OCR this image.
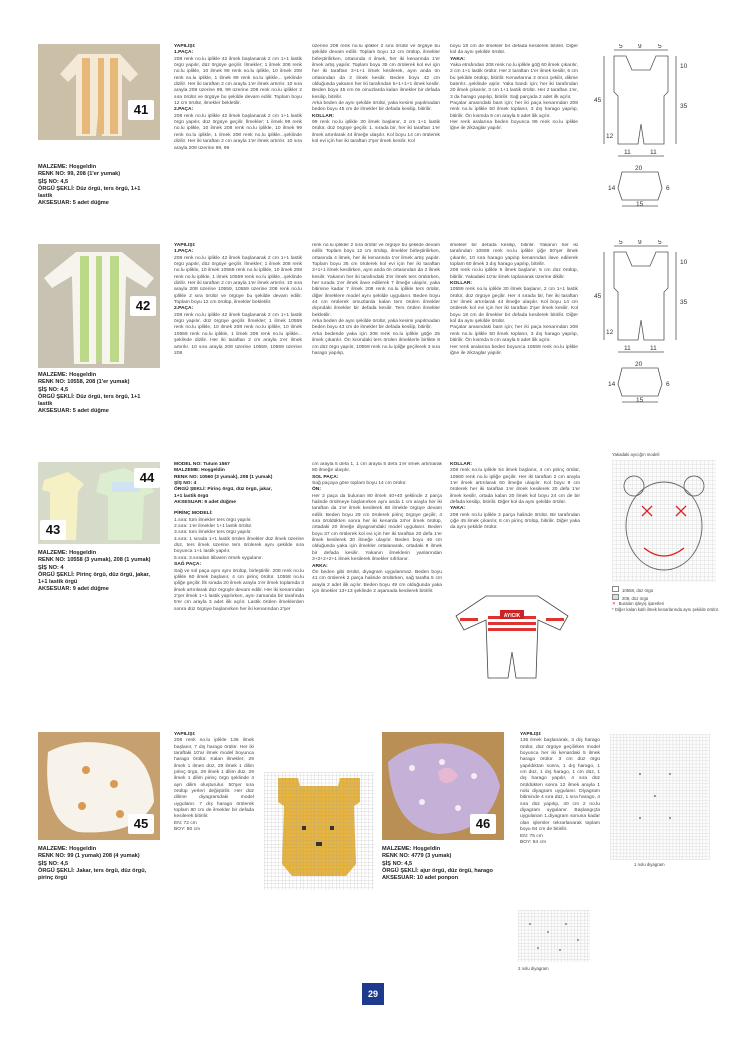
41
MALZEME: Hoşgeldin
RENK NO: 99, 208 (1'er yumak)
ŞİŞ NO: 4,5
ÖRGÜ ŞEKLİ: Düz örgü, ters örgü, 1+1
lastik
AKSESUAR: 5 adet düğme
YAPILIŞI:
1.PAÇA:
208 renk no.lu iplikle 42 ilmek başlanarak 2 cm 1+1 lastik örgü yapılır, düz örgüye geçilir. İlmekler; 1 ilmek 208 renk no.lu iplikle, 10 ilmek 99 renk no.lu iplikle, 10 ilmek 208 renk no.lu iplikle, 1 ilmek 99 renk no.lu iplikle... şeklinde dizilir. Her iki taraftan 2 cm arayla 1'er ilmek artırılır. 10 sıra arayla 208 üzerine 99, 99 üzerine 208 renk no.lu iplikler 2 sıra örülür ve örgüye bu şekilde devam edilir. Toplam boyu 12 cm örülür, ilmekler bekletilir.
2.PAÇA:
208 renk no.lu iplikle 42 ilmek başlanarak 2 cm 1+1 lastik örgü yapılır, düz örgüye geçilir. İlmekler; 1 ilmek 99 renk no.lu iplikle, 10 ilmek 208 renk no.lu iplikle, 10 ilmek 99 renk no.lu iplikle, 1 ilmek 208 renk no.lu iplikle...şeklinde dizilir. Her iki taraftan 2 cm arayla 1'er ilmek artırılır. 10 sıra arayla 208 üzerine 99, 99
üzerine 208 renk no.lu iplikler 2 sıra örülür ve örgüye bu şekilde devam edilir. Toplam boyu 12 cm örülüp, ilmekler birleştirilirken, ortasında 4 ilmek, her iki kenarında 1'er ilmek artış yapılır. Toplam boyu 35 cm örülerek kol evi için her iki taraftan 3+1+1 ilmek kesilerek, ayın anda ön ortasından da 2 ilmek kesilir. Beden boyu 42 cm olduğunda yakanın her iki tarafından 5+1+1+1 ilmek kesilir. Beden boyu 45 cm ön omuzlarda kalan ilmekler bir defada kesilip, bitirilir.
Arka beden de aynı şekilde örülür, yaka kesimi yapılmadan beden boyu 45 cm de ilmekler bir defada kesilip, bitirilir.
KOLLAR:
99 renk no.lu iplikle 30 ilmek başlanır, 2 cm 1+1 lastik örülür, düz örgüye geçilir. 1. sırada bir, her iki taraftan 1'er ilmek artırılarak 44 ilmeğe ulaşılır. Kol boyu 14 cm örülerek kol evi için her iki taraftan 2'şer ilmek kesilir. Kol
boyu 18 cm de ilmekler bir defada kesilerek bitirilir. Diğer kol da aynı şekilde örülür.
YAKA:
Yaka etrafından 208 renk no.lu iplikle göğ 60 ilmek çıkarılır, 2 cm 1+1 lastik örülür. Her 2 taraftan 1'er ilmek kesilir, 6 cm bu şekilde örülüp, bitirilir. Kenarlarına 3 öncü çekilir, dikme batırılır...şeklinde aşılır. Yaka bandı için; her iki tarafından 20 ilmek çıkarılır, 3 cm 1+1 lastik örülür. Her 2 taraftan 1'er, 3 da harago yapılıp, bitirilir. Sağ parçada 2 adet ilk açılır.
Paçalar arasındaki bant için; her iki paça kenarından 208 renk no.lu iplikle 50 ilmek toplanır, 3 dış harago yapılıp, bitirilir. Ön kısmda 5 cm arayla 5 adet ilik açılır.
Her renk aralarına beden boyunca 99 renk no.lu iplikle iğne ile zikzaglar yapılır.
5 9	5
10
45
35
12
11	11
20
14	6
15
42
MALZEME: Hoşgeldin
RENK NO: 10558, 208 (1'er yumak)
ŞİŞ NO: 4,5
ÖRGÜ ŞEKLİ: Düz örgü, ters örgü, 1+1
lastik
AKSESUAR: 5 adet düğme
YAPILIŞI:
1.PAÇA:
208 renk no.lu iplikle 42 ilmek başlanarak 2 cm 1+1 lastik örgü yapılır, düz örgüye geçilir. İlmekler; 1 ilmek 208 renk no.lu iplikle, 10 ilmek 10559 renk no.lu iplikle, 10 ilmek 208 renk no.lu iplikle, 1 ilmek 10559 renk no.lu iplikle...şeklinde dizilir. Her iki taraftan 2 cm arayla 1'er ilmek artırılır. 10 sıra arayla 208 üzerine 10559, 10559 üzerine 208 renk no.lu iplikle 2 sıra örülür ve örgüye bu şekilde devam edilir. Toplam boyu 12 cm örülüp, ilmekler bekletilir.
2.PAÇA:
208 renk no.lu iplikle 42 ilmek başlanarak 2 cm 1+1 lastik örgü yapılır, düz örgüye geçilir. İlmekler; 1 ilmek 10559 renk no.lu iplikle, 10 ilmek 208 renk no.lu iplikle, 10 ilmek 10559 renk no.lu iplikle, 1 ilmek 208 renk no.lu iplikle... şeklinde dizilir. Her iki taraftan 2 cm arayla 1'er ilmek artırılır. 10 sıra arayla 208 üzerine 10559, 10559 üzerine 208
renk no.lu iplikler 2 sıra örülür ve örgüye bu şekilde devam edilir. Toplam boyu 12 cm örülüp, ilmekler birleştirilirken, ortasında 4 ilmek, her iki kenarında 1'er ilmek artış yapılır. Toplam boyu 35 cm örülerek kol evi için her iki taraftan 3+1+1 ilmek kesilirken, ayın anda ön ortasından da 2 ilmek kesilir. Yakanın her iki tarafındaki 3'er ilmek ters örülürken, her sırada 1'er ilmek ilave edilerek 7 ilmeğe ulaşılır, yaka bitimine kadar 7 ilmek 208 renk no.lu iplikle ters örülür, diğer ilmeklere model aynı şekilde uygulanır. Beden boyu 44 cm örülerek omuzlarda kalan ters örülen ilmekler dışındaki ilmekler bir defada kesilir. Ters örülen ilmekler bekletilir.
Arka beden de aynı şekilde örülür, yaka kesimi yapılmadan beden boyu 43 cm de ilmekler bir defada kesilip, bitirilir.
Arka bedende yaka için 208 renk no.lu iplikle göğe 25 ilmek çıkarılır. Ön kısmdaki ters örülen ilmeklerle birlikte 8 cm düz örgü yapılır, 10559 renk no.lu ipliğe geçilerek 3 sıra harago yapılıp,
ilmekler bir defada kesilip, bitirilir. Yakanın her iki tarafından 10559 renk no.lu iplikle çiğe 50'şer ilmek çıkarılır, 10 sıra harago yapılıp kenarından ilave edilerek toplam 60 ilmek 3 dış harago yapılıp, bitirilir.
208 renk no.lu iplikle 5 ilmek başlanır, 5 cm düz örülüp, bitirilir. Yakadaki 10'ar ilmek toplanarak üzerine dikilir.
KOLLAR:
10559 renk no.lu iplikle 30 ilmek başlanır, 2 cm 1+1 lastik örülür, düz örgüye geçilir. Her 4 sırada bir, her iki taraftan 1'er ilmek artırılarak 44 ilmeğe ulaşılır. Kol boyu 14 cm örülerek kol evi için her iki taraftan 2'şer ilmek kesilir. Kol boyu 18 cm de ilmekler bir defada kesilerek bitirilir. Diğer kol da aynı şekilde örülür.
Paçalar arasındaki bant için; her iki paça kenarından 208 renk no.lu iplikle 50 ilmek toplanır, 3 dış harago yapılıp, bitirilir. Ön kısmda 5 cm arayla 5 adet ilik açılır.
Her renk aralarına beden boyunca 10559 renk no.lu iplikle iğne ile zikzaglar yapılır.
5 9	5
10
45
35
12
11	11
20
14	6
15
44
43
MALZEME: Hoşgeldin
RENK NO: 10558 (3 yumak), 208 (1 yumak)
ŞİŞ NO: 4
ÖRGÜ ŞEKLİ: Pirinç örgü, düz örgü, jakar,
1+1 lastik örgü
AKSESUAR: 9 adet düğme
MODEL NO: Tulum 1567
MALZEME: Hoşgeldin
RENK NO: 10560 (3 yumak), 208 (1 yumak)
ŞİŞ NO: 4
ÖRGÜ ŞEKLİ: Pirinç örgü, düz örgü, jakar,
1+1 lastik örgü
AKSESUAR: 9 adet düğme
PİRİNÇ MODELİ:
1.sıra: tüm ilmekler ters örgü yapılır.
2.sıra: 1'er ilmekler 1+1 lastik örülür.
3.sıra: tüm ilmekler ters örgü yapılır.
4.sıra: 1 sırada 1+1 lastik örülen ilmekler düz ilmek üzerine düz, ters ilmek üzerine ters örülerek aynı şekilde sıra boyunca 1+1 lastik yapılır.
5.sıra: 3.sıradan itibaren örnek uygulanır.
SAĞ PAÇA:
Sağ ve sol paça aynı aynı örülüp, birleştirilir. 208 renk no.lu iplikle 60 ilmek başlanır, 4 cm pirinç örülür. 10558 no.lu ipliğe geçilir. İlk sırada 20 ilmek arayla 1'er ilmek toplamda 3 ilmek artırılarak düz örgüyle devam edilir. Her iki kenarından 2'şer ilmek 1+1 lastik yapılırken, aynı zamanda bir tarafında 5'er cm arayla 3 adet ilik açılır. Lastik örülen ilmeklerden sonra düz örgüye başlanırken her iki kenarından 2'şer
cm arayla 5 defa 1, 1 cm arayla 5 defa 1'er ilmek artırılarak 80 ilmeğe ulaşılır.
SOL PAÇA:
Sağ paçaya göre toplam boyu 14 cm örülür.
ÖN:
Her 2 paça da bulunan 80 ilmek 40+40 şeklinde 2 parça halinde örülmeye başlanırken aynı anda 1 cm arayla her iki taraftan da 1'er ilmek kesilerek 68 ilmekle örgüye devam edilir. Beden boyu 29 cm örülerek pirinç örgüye geçilir, 4 sıra örüldükten sonra her iki kenarda 24'er ilmek örülüp, ortadaki 20 ilmeğe diyagramdaki model uygulanır. Beden boyu 37 cm örülerek kol evi için her iki taraftan 20 defa 1'er ilmek kesilerek 30 ilmeğe ulaşılır. Beden boyu 46 cm olduğunda yaka için ilmekler ortalanarak, ortadaki 8 ilmek bir defada kesilir. Yakanın ilmeklerin yanlarından 3+2+2+2+1 ilmek kesilerek ilmekler sıfırlanır.
ARKA:
Ön beden gibi örülür, diyagram uygulanmaz. Beden boyu 41 cm örülerek 2 parça halinde örülürken, sağ tarafta 5 cm arayla 2 adet ilik açılır. Beden boyu 49 cm olduğunda yaka için ilmekler 13+13 şeklinde 2 aşamada kesilerek bitirilir.
KOLLAR:
208 renk no.lu iplikle 54 ilmek başlanır, 4 cm pirinç örülür, 10560 renk no.lu ipliğe geçilir. Her iki taraftan 2 cm arayla 1'er ilmek artırılarak 60 ilmeğe ulaşılır. Kol boyu 9 cm örülerek her iki taraftan 1'er ilmek kesilerek 20 defa 1'er ilmek kesilir, ortada kalan 20 ilmek kol boyu 24 cm de bir defada kesilip, bitirilir. Diğer kol da aynı şekilde örülür.
YAKA:
208 renk no.lu iplikle 2 parça halinde örülür. Bir tarafından çiğe 45 ilmek çıkarılır, 8 cm pirinç örülüp, bitirilir. Diğer yaka da aynı şekilde örülür.
AYICIK
Yakadaki ayıcığın modeli
10558, düz örgü
208, düz örgü
✕ Buraları işleyiş işaretleri
* Diğer kalan katlı ilmek kenarlarında aynı şekilde örülür.
45
MALZEME: Hoşgeldin
RENK NO: 99 (1 yumak) 208 (4 yumak)
ŞİŞ NO: 4,5
ÖRGÜ ŞEKLİ: Jakar, ters örgü, düz örgü,
pirinç örgü
YAPILIŞI:
208 renk no.lu iplikle 136 ilmek başlanır, 7 dış harago örülür. Her iki taraftaki 10'ar ilmek model boyunca harago örülür. Kalan ilmekler; 29 ilmek 1 ilmen düz, 29 ilmek 1 dilim pirinç örgü, 29 ilmek 1 dilim düz, 29 ilmek 1 dilim pirinç örgü şeklinde 4 ayrı dilim oluşturulur. 50'şer sıra örülüp yerleri değiştirilir. Her düz dilime diyagramdaki model uygulanır. 7 dış harago örülerek toplam 80 cm de ilmekler bir defada kesilerek bitirilir.
EN: 72 cm
BOY: 80 cm	46
MALZEME: Hoşgeldin
RENK NO: 4779 (3 yumak)
ŞİŞ NO: 4,5
ÖRGÜ ŞEKLİ: ajur örgü, düz örgü, harago
AKSESUAR: 10 adet ponpon
YAPILIŞI:
136 ilmek başlanarak, 3 dış harago örülür, düz örgüye geçilirken model boyunca her iki kenardaki 5 ilmek harago örülür. 3 cm düz örgü yapıldıktan sonra, 1 dış harago, 1 cm düz, 1 dış harago, 1 cm düz, 1 dış harago yapılır, 4 sıra düz örüldükten sonra 12 ilmek arayla 1 nolu diyagram uygulanır. Diyagram bitiminde 4 sıra düz, 1 sıra harago, 4 sıra düz yapılıp, 40 cm 2 no.lu diyagram uygulanır. Başlangıçta uygulanan 1.diyagram sonuna kadar olan işlemler tekrarlanarak toplam boyu 84 cm de bitirilir.
EN: 75 cm
BOY: 84 cm
1 nolu diyagram
2 nolu diyagram
29
